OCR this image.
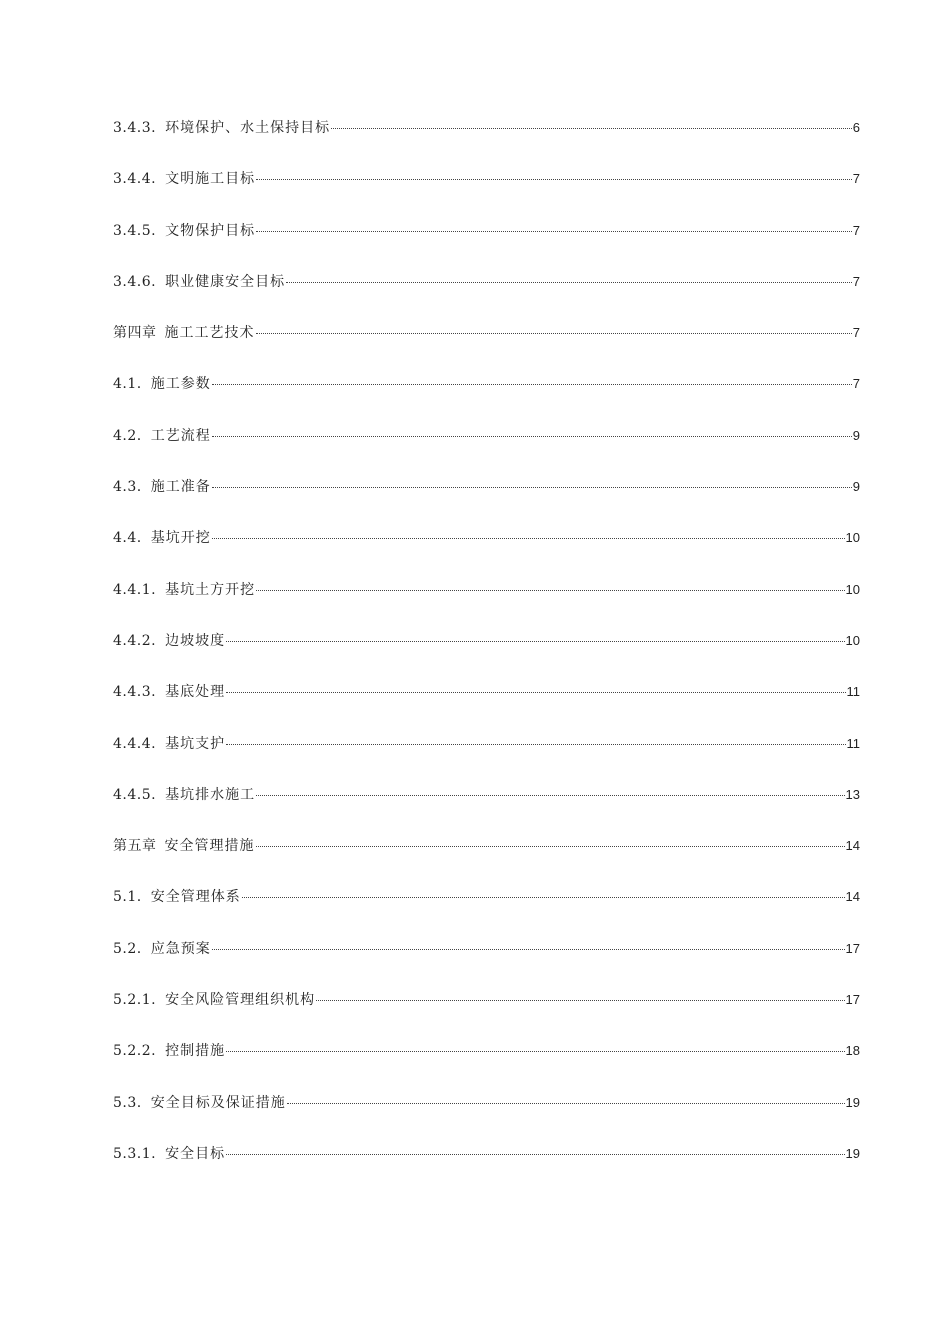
3.4.3. 环境保护、水土保持目标	6
3.4.4. 文明施工目标	7
3.4.5. 文物保护目标	7
3.4.6. 职业健康安全目标	7
第四章 施工工艺技术	7
4.1. 施工参数	7
4.2. 工艺流程	9
4.3. 施工准备	9
4.4. 基坑开挖	10
4.4.1. 基坑土方开挖	10
4.4.2. 边坡坡度	10
4.4.3. 基底处理	11
4.4.4. 基坑支护	11
4.4.5. 基坑排水施工	13
第五章 安全管理措施	14
5.1. 安全管理体系	14
5.2. 应急预案	17
5.2.1. 安全风险管理组织机构	17
5.2.2. 控制措施	18
5.3. 安全目标及保证措施	19
5.3.1. 安全目标	19
